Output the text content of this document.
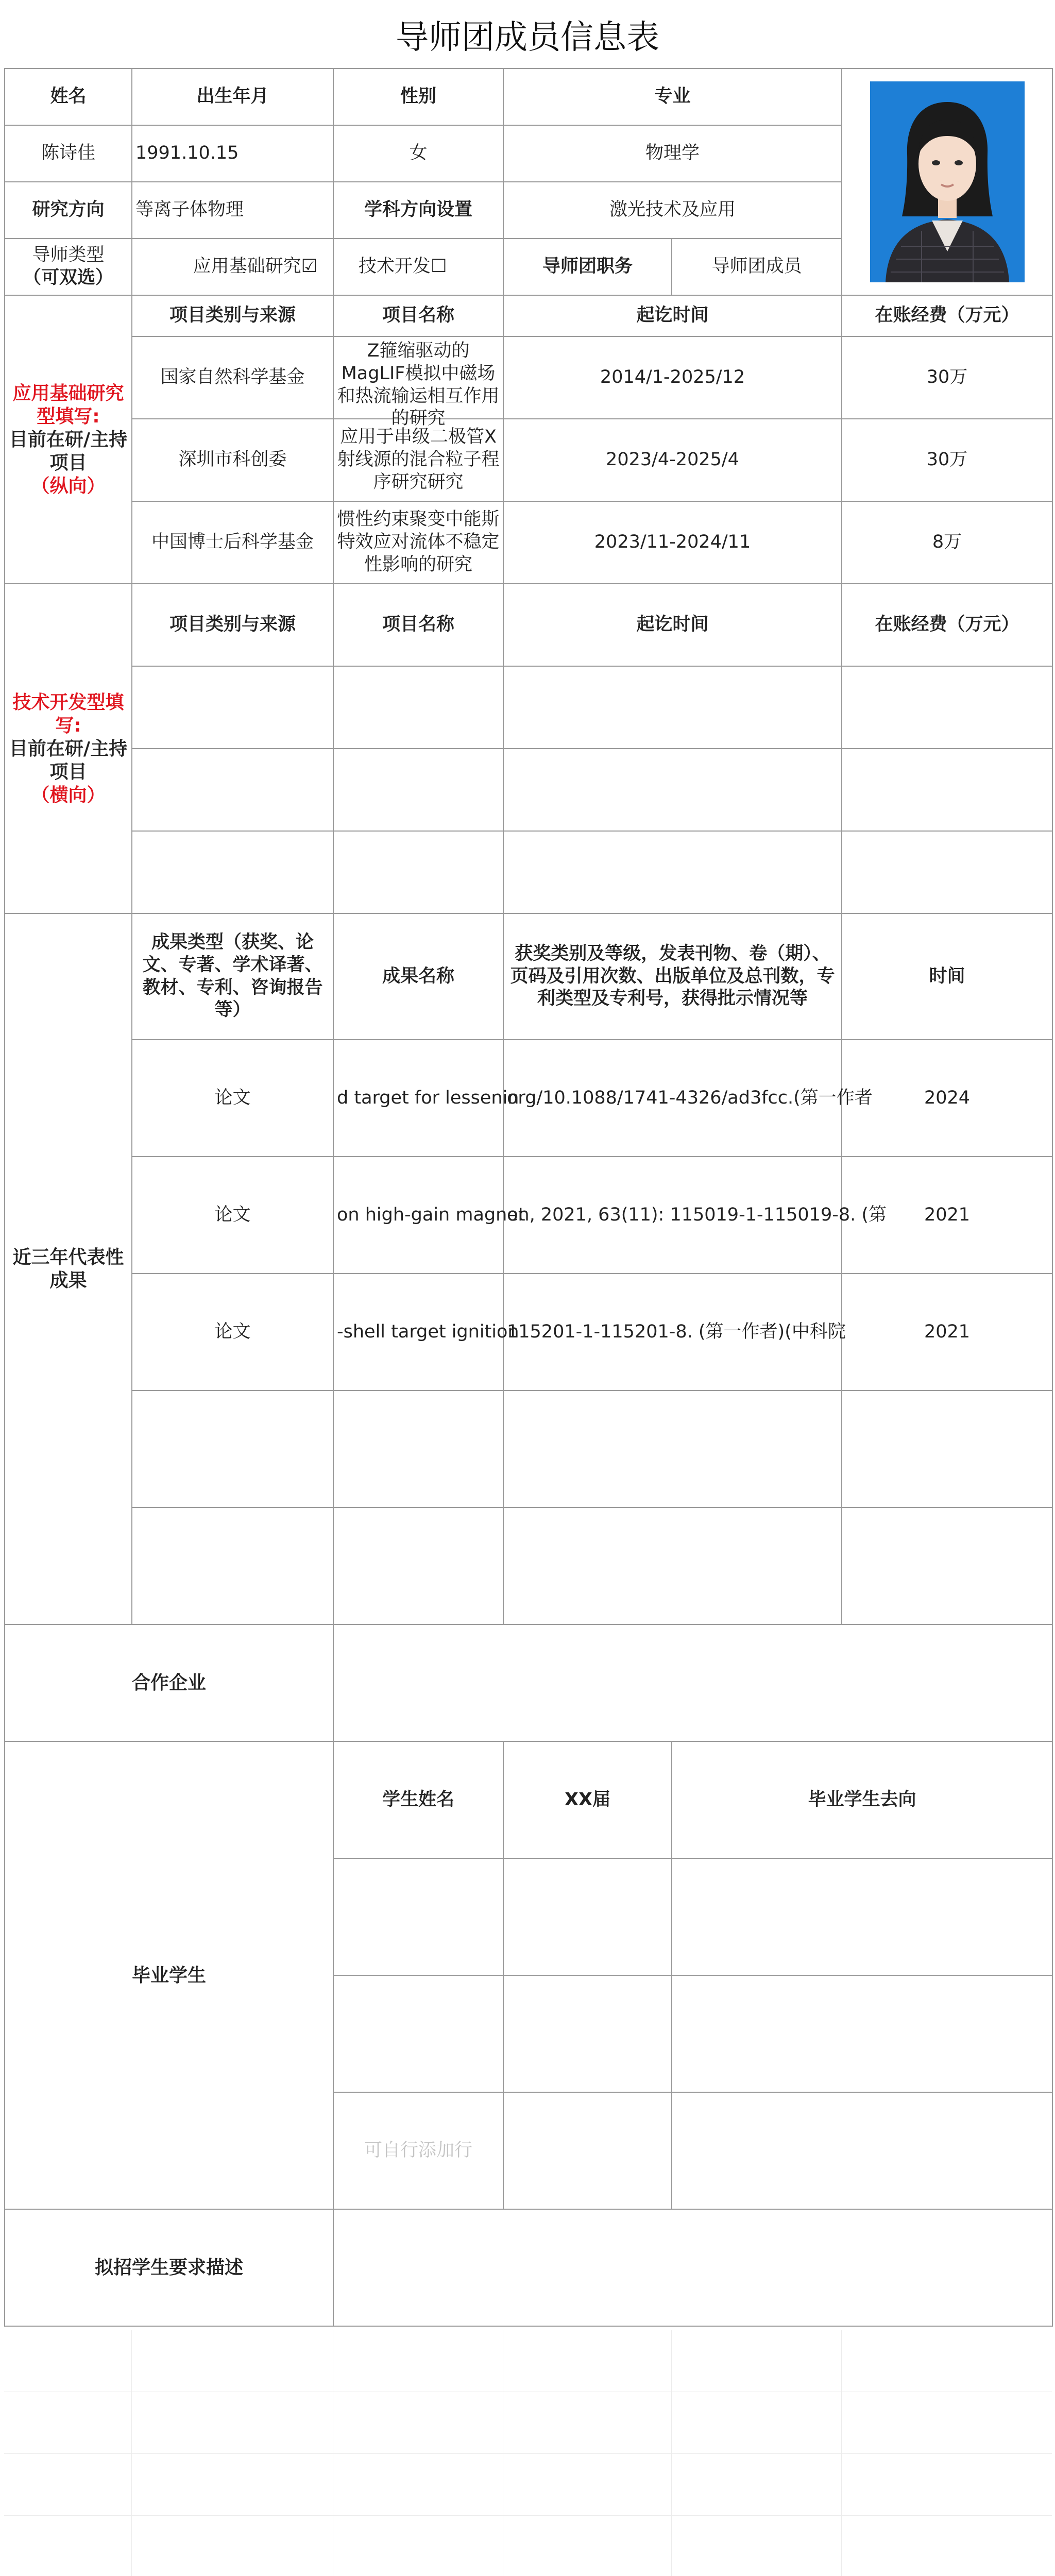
导师团成员信息表
姓名	出生年月	性别	专业	

陈诗佳	1991.10.15	女	物理学		
研究方向	等离子体物理	学科方向设置	激光技术及应用		

导师类型
（可双选）	应用基础研究☑	技术开发☐	导师团职务	导师团成员	

应用基础研究型填写:
目前在研/主持项目
（纵向）	项目类别与来源	项目名称	起讫时间		在账经费（万元）
	国家自然科学基金	Z箍缩驱动的MagLIF模拟中磁场和热流输运相互作用的研究	2014/1-2025/12		30万
	深圳市科创委	应用于串级二极管X射线源的混合粒子程序研究研究	2023/4-2025/4		30万
	中国博士后科学基金	惯性约束聚变中能斯特效应对流体不稳定性影响的研究	2023/11-2024/11		8万

技术开发型填写:
目前在研/主持项目
（横向）	项目类别与来源	项目名称	起讫时间		在账经费（万元）

近三年代表性成果	成果类型（获奖、论文、专著、学术译著、教材、专利、咨询报告等）	成果名称	获奖类别及等级，发表刊物、卷（期）、页码及引用次数、出版单位及总刊数，专利类型及专利号，获得批示情况等		时间
	论文	d target for lessenin	org/10.1088/1741-4326/ad3fcc.(第一作者		2024
	论文	on high-gain magnet	on, 2021, 63(11): 115019-1-115019-8. (第		2021
	论文	-shell target ignition	115201-1-115201-8. (第一作者)(中科院		2021

合作企业					
毕业学生		学生姓名	XX届	毕业学生去向	

		可自行添加行			
拟招学生要求描述					
